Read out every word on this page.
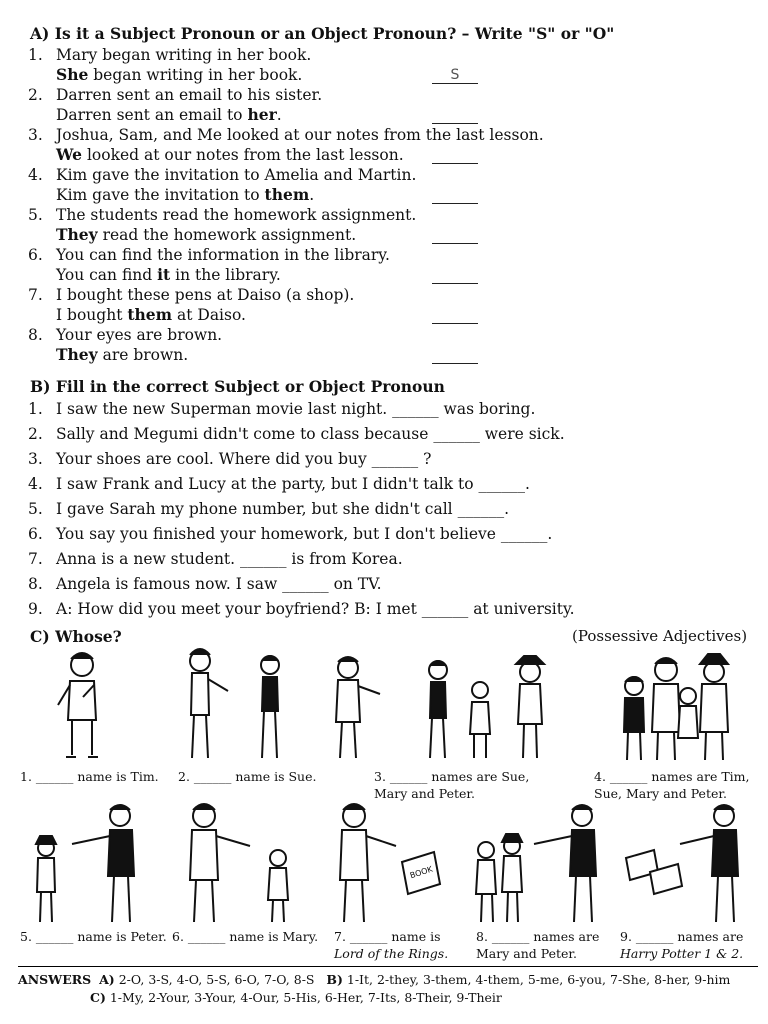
A) Is it a Subject Pronoun or an Object Pronoun? – Write "S" or "O"
1. Mary began writing in her book.
She began writing in her book.	S
2. Darren sent an email to his sister.
Darren sent an email to her.
3. Joshua, Sam, and Me looked at our notes from the last lesson.
We looked at our notes from the last lesson.
4. Kim gave the invitation to Amelia and Martin.
Kim gave the invitation to them.
5. The students read the homework assignment.
They read the homework assignment.
6. You can find the information in the library.
You can find it in the library.
7. I bought these pens at Daiso (a shop).
I bought them at Daiso.
8. Your eyes are brown.
They are brown.
B) Fill in the correct Subject or Object Pronoun
1. I saw the new Superman movie last night. ______ was boring.
2. Sally and Megumi didn't come to class because ______ were sick.
3. Your shoes are cool. Where did you buy ______ ?
4. I saw Frank and Lucy at the party, but I didn't talk to ______.
5. I gave Sarah my phone number, but she didn't call ______.
6. You say you finished your homework, but I don't believe ______.
7. Anna is a new student. ______ is from Korea.
8. Angela is famous now. I saw ______ on TV.
9. A: How did you meet your boyfriend? B: I met ______ at university.
C) Whose?	(Possessive Adjectives)
BOOK
1. ______ name is Tim. 2. ______ name is Sue.	3. ______ names are Sue,
Mary and Peter.
4. ______ names are Tim,
Sue, Mary and Peter.
5. ______ name is Peter. 6. ______ name is Mary. 7. ______ name is
Lord of the Rings.
8. ______ names are
Mary and Peter.
9. ______ names are
Harry Potter 1 & 2.
ANSWERS A) 2-O, 3-S, 4-O, 5-S, 6-O, 7-O, 8-S B) 1-It, 2-they, 3-them, 4-them, 5-me, 6-you, 7-She, 8-her, 9-him
C) 1-My, 2-Your, 3-Your, 4-Our, 5-His, 6-Her, 7-Its, 8-Their, 9-Their
